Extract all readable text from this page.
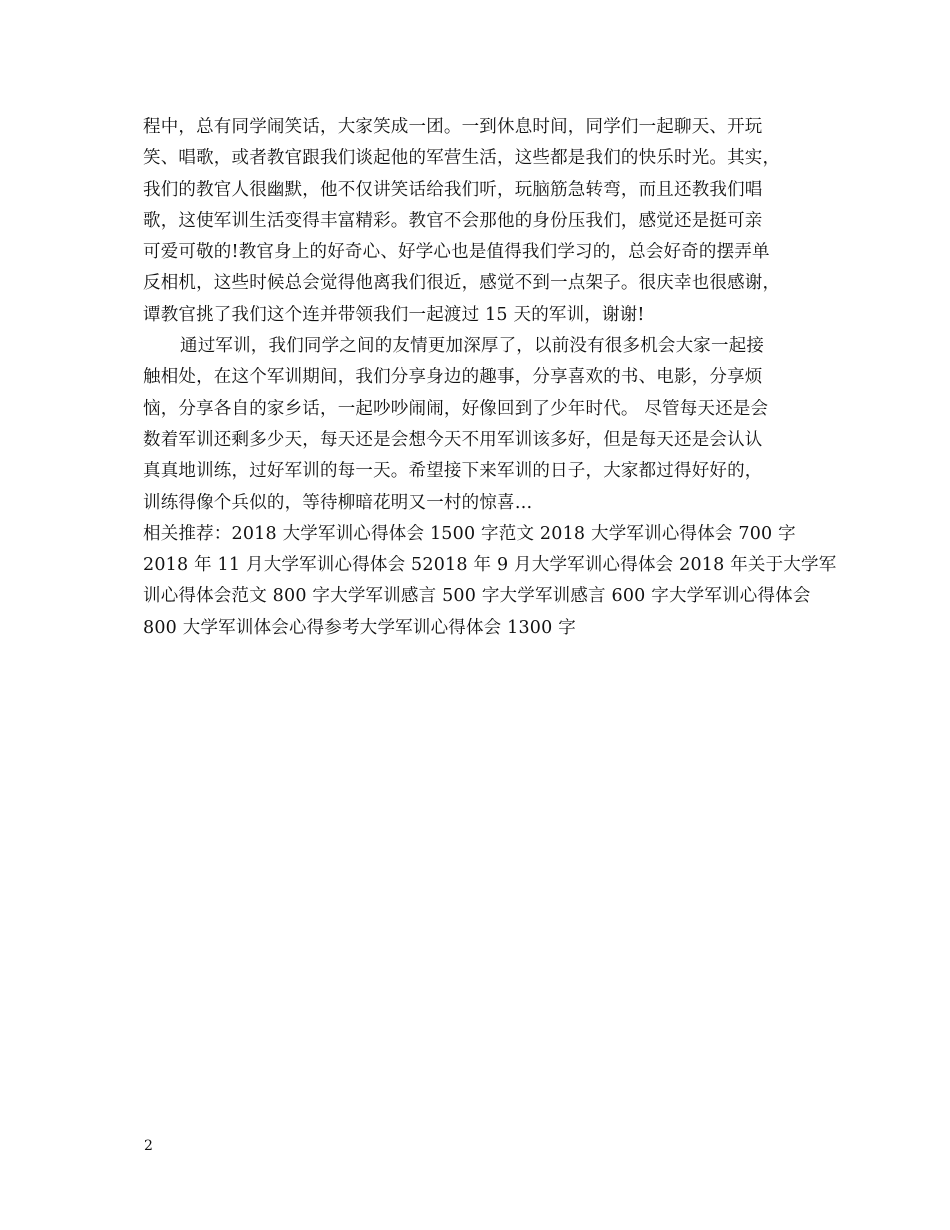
程中，总有同学闹笑话，大家笑成一团。一到休息时间，同学们一起聊天、开玩
笑、唱歌，或者教官跟我们谈起他的军营生活，这些都是我们的快乐时光。其实，
我们的教官人很幽默，他不仅讲笑话给我们听，玩脑筋急转弯，而且还教我们唱
歌，这使军训生活变得丰富精彩。教官不会那他的身份压我们，感觉还是挺可亲
可爱可敬的!教官身上的好奇心、好学心也是值得我们学习的，总会好奇的摆弄单
反相机，这些时候总会觉得他离我们很近，感觉不到一点架子。很庆幸也很感谢，
谭教官挑了我们这个连并带领我们一起渡过 15 天的军训，谢谢!
通过军训，我们同学之间的友情更加深厚了，以前没有很多机会大家一起接
触相处，在这个军训期间，我们分享身边的趣事，分享喜欢的书、电影，分享烦
恼，分享各自的家乡话，一起吵吵闹闹，好像回到了少年时代。 尽管每天还是会
数着军训还剩多少天，每天还是会想今天不用军训该多好，但是每天还是会认认
真真地训练，过好军训的每一天。希望接下来军训的日子，大家都过得好好的，
训练得像个兵似的，等待柳暗花明又一村的惊喜…
相关推荐：2018 大学军训心得体会 1500 字范文 2018 大学军训心得体会 700 字
2018 年 11 月大学军训心得体会 52018 年 9 月大学军训心得体会 2018 年关于大学军
训心得体会范文 800 字大学军训感言 500 字大学军训感言 600 字大学军训心得体会
800 大学军训体会心得参考大学军训心得体会 1300 字
2
